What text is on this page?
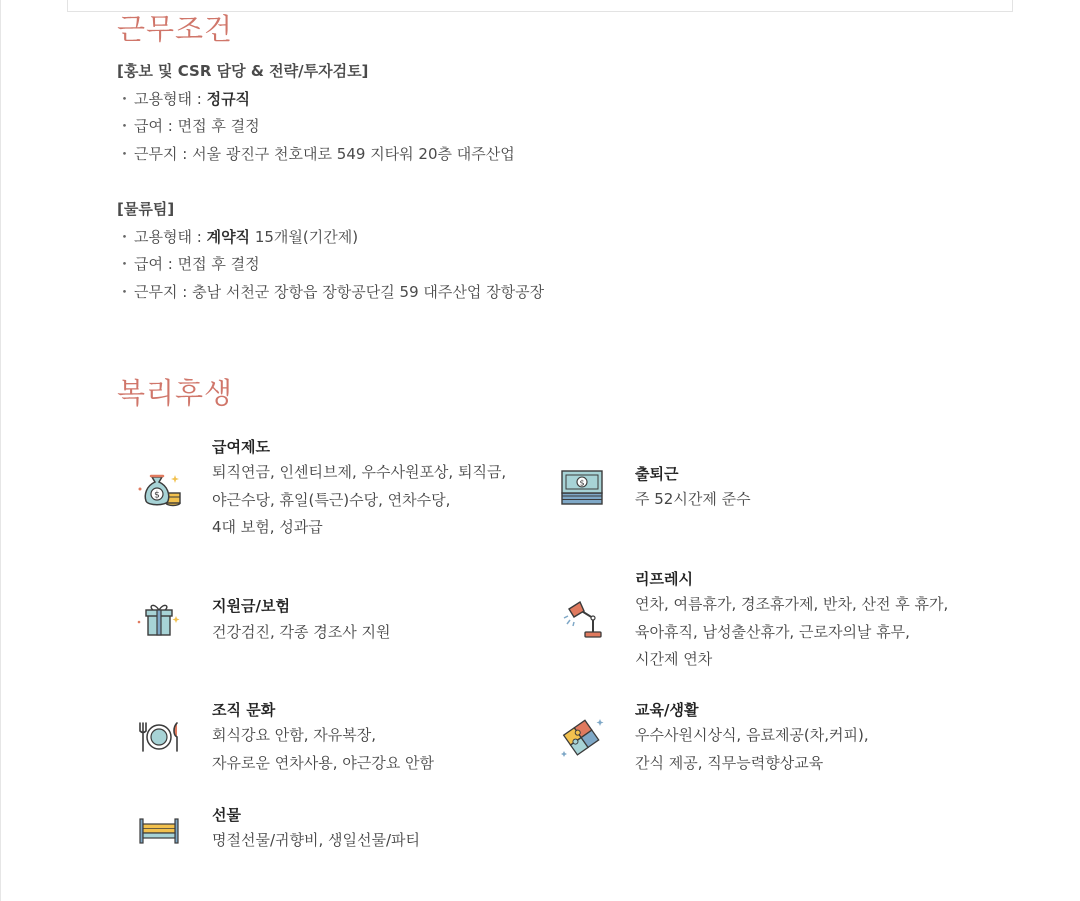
근무조건
[홍보 및 CSR 담당 & 전략/투자검토]
・ 고용형태 : 정규직
・ 급여 : 면접 후 결정
・ 근무지 : 서울 광진구 천호대로 549 지타워 20층 대주산업
[물류팀]
・ 고용형태 : 계약직 15개월(기간제)
・ 급여 : 면접 후 결정
・ 근무지 : 충남 서천군 장항읍 장항공단길 59 대주산업 장항공장
복리후생
$
급여제도
퇴직연금, 인센티브제, 우수사원포상, 퇴직금,
야근수당, 휴일(특근)수당, 연차수당,
4대 보험, 성과급
$	출퇴근
주 52시간제 준수
지원금/보험
건강검진, 각종 경조사 지원
리프레시
연차, 여름휴가, 경조휴가제, 반차, 산전 후 휴가,
육아휴직, 남성출산휴가, 근로자의날 휴무,
시간제 연차
조직 문화
회식강요 안함, 자유복장,
자유로운 연차사용, 야근강요 안함
교육/생활
우수사원시상식, 음료제공(차,커피),
간식 제공, 직무능력향상교육
선물
명절선물/귀향비, 생일선물/파티
